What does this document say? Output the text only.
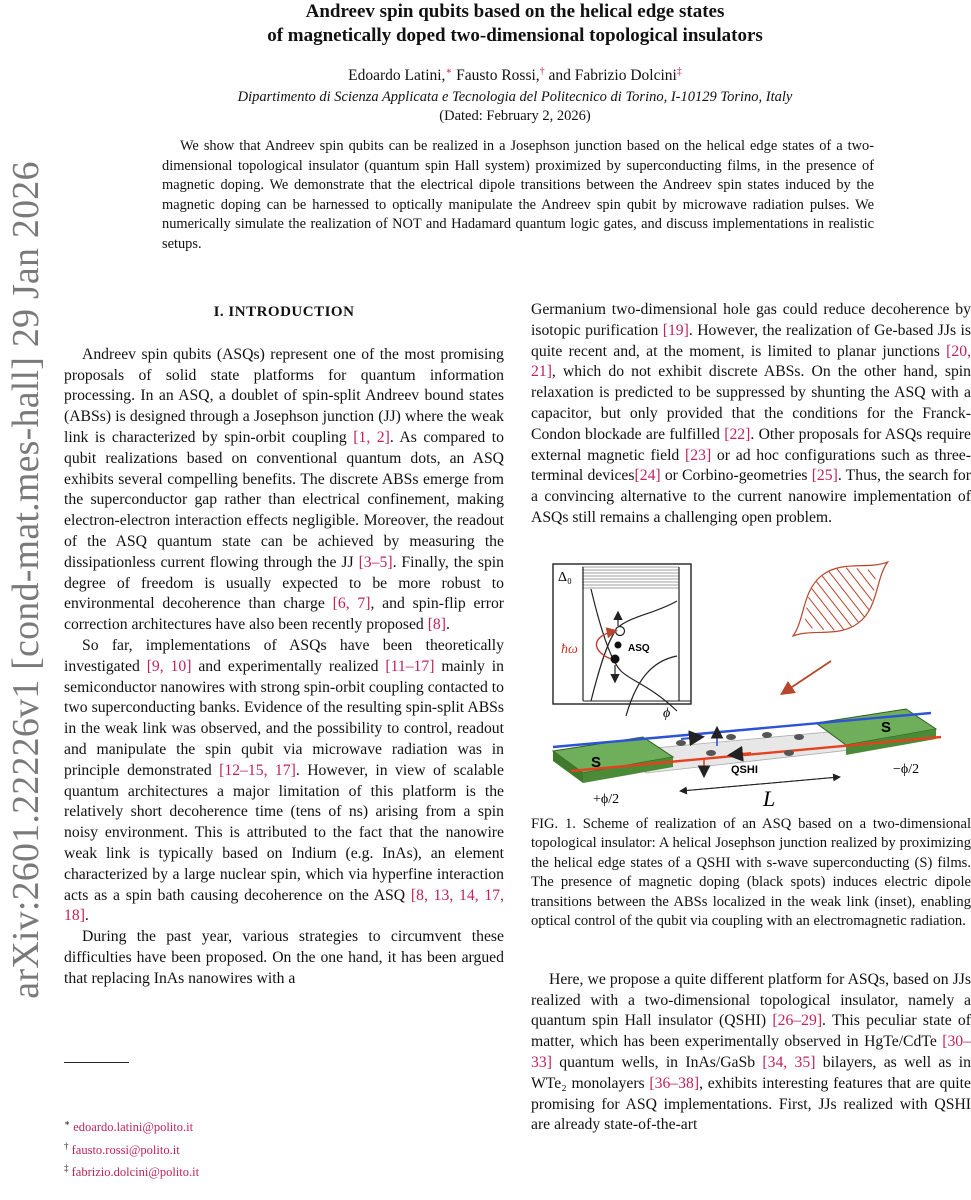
arXiv:2601.22226v1 [cond-mat.mes-hall] 29 Jan 2026
Andreev spin qubits based on the helical edge states
of magnetically doped two-dimensional topological insulators
Edoardo Latini,∗ Fausto Rossi,† and Fabrizio Dolcini‡
Dipartimento di Scienza Applicata e Tecnologia del Politecnico di Torino, I-10129 Torino, Italy
(Dated: February 2, 2026)
We show that Andreev spin qubits can be realized in a Josephson junction based on the helical edge states of a two-dimensional topological insulator (quantum spin Hall system) proximized by superconducting films, in the presence of magnetic doping. We demonstrate that the electrical dipole transitions between the Andreev spin states induced by the magnetic doping can be harnessed to optically manipulate the Andreev spin qubit by microwave radiation pulses. We numerically simulate the realization of NOT and Hadamard quantum logic gates, and discuss implementations in realistic setups.
I. INTRODUCTION

Andreev spin qubits (ASQs) represent one of the most promising proposals of solid state platforms for quantum information processing. In an ASQ, a doublet of spin-split Andreev bound states (ABSs) is designed through a Josephson junction (JJ) where the weak link is characterized by spin-orbit coupling [1, 2]. As compared to qubit realizations based on conventional quantum dots, an ASQ exhibits several compelling benefits. The discrete ABSs emerge from the superconductor gap rather than electrical confinement, making electron-electron interaction effects negligible. Moreover, the readout of the ASQ quantum state can be achieved by measuring the dissipationless current flowing through the JJ [3–5]. Finally, the spin degree of freedom is usually expected to be more robust to environmental decoherence than charge [6, 7], and spin-flip error correction architectures have also been recently proposed [8].

So far, implementations of ASQs have been theoretically investigated [9, 10] and experimentally realized [11–17] mainly in semiconductor nanowires with strong spin-orbit coupling contacted to two superconducting banks. Evidence of the resulting spin-split ABSs in the weak link was observed, and the possibility to control, readout and manipulate the spin qubit via microwave radiation was in principle demonstrated [12–15, 17]. However, in view of scalable quantum architectures a major limitation of this platform is the relatively short decoherence time (tens of ns) arising from a spin noisy environment. This is attributed to the fact that the nanowire weak link is typically based on Indium (e.g. InAs), an element characterized by a large nuclear spin, which via hyperfine interaction acts as a spin bath causing decoherence on the ASQ [8, 13, 14, 17, 18].

During the past year, various strategies to circumvent these difficulties have been proposed. On the one hand, it has been argued that replacing InAs nanowires with a

Germanium two-dimensional hole gas could reduce decoherence by isotopic purification [19]. However, the realization of Ge-based JJs is quite recent and, at the moment, is limited to planar junctions [20, 21], which do not exhibit discrete ABSs. On the other hand, spin relaxation is predicted to be suppressed by shunting the ASQ with a capacitor, but only provided that the conditions for the Franck-Condon blockade are fulfilled [22]. Other proposals for ASQs require external magnetic field [23] or ad hoc configurations such as three-terminal devices[24] or Corbino-geometries [25]. Thus, the search for a convincing alternative to the current nanowire implementation of ASQs still remains a challenging open problem.

Δ₀
ħω	ASQ
ϕ
S
S
QSHI
+ϕ/2
−ϕ/2
L
FIG. 1. Scheme of realization of an ASQ based on a two-dimensional topological insulator: A helical Josephson junction realized by proximizing the helical edge states of a QSHI with s-wave superconducting (S) films. The presence of magnetic doping (black spots) induces electric dipole transitions between the ABSs localized in the weak link (inset), enabling optical control of the qubit via coupling with an electromagnetic radiation.

Here, we propose a quite different platform for ASQs, based on JJs realized with a two-dimensional topological insulator, namely a quantum spin Hall insulator (QSHI) [26–29]. This peculiar state of matter, which has been experimentally observed in HgTe/CdTe [30–33] quantum wells, in InAs/GaSb [34, 35] bilayers, as well as in WTe₂ monolayers [36–38], exhibits interesting features that are quite promising for ASQ implementations. First, JJs realized with QSHI are already state-of-the-art

∗ edoardo.latini@polito.it
† fausto.rossi@polito.it
‡ fabrizio.dolcini@polito.it
